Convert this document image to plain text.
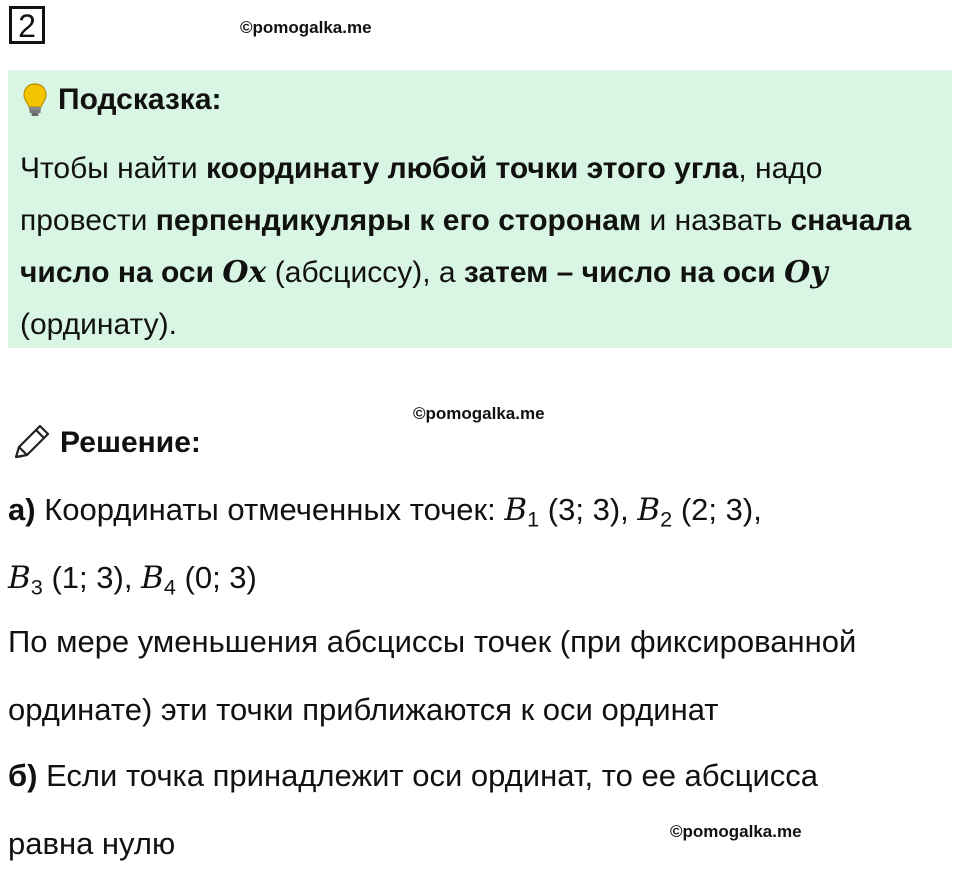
2	©pomogalka.me
Подсказка:
Чтобы найти координату любой точки этого угла, надо провести перпендикуляры к его сторонам и назвать сначала число на оси Ox (абсциссу), а затем – число на оси Oy (ординату).
©pomogalka.me
Решение:
а) Координаты отмеченных точек: $B_1$ (3; 3), $B_2$ (2; 3),
$B_3$ (1; 3), $B_4$ (0; 3)
По мере уменьшения абсциссы точек (при фиксированной
ординате) эти точки приближаются к оси ординат
б) Если точка принадлежит оси ординат, то ее абсцисса
равна нулю	©pomogalka.me
